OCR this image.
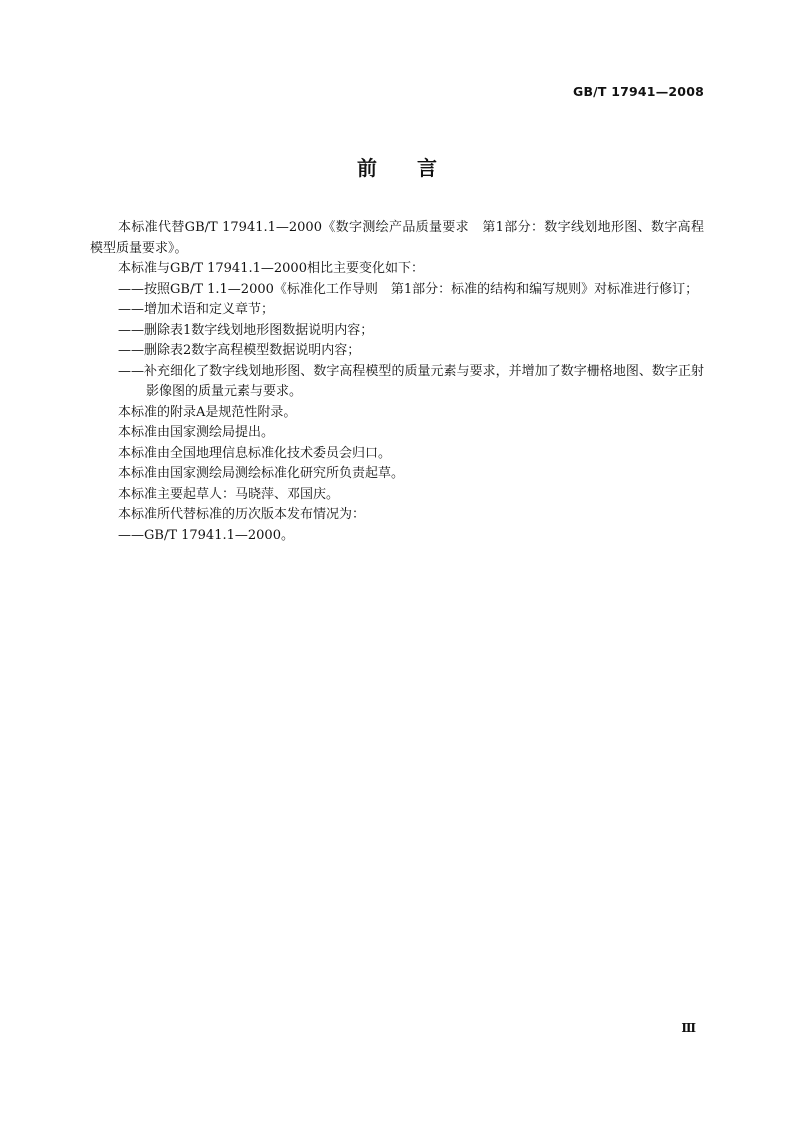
GB/T 17941—2008
前言

本标准代替GB/T 17941.1—2000《数字测绘产品质量要求　第1部分：数字线划地形图、数字高程模型质量要求》。

本标准与GB/T 17941.1—2000相比主要变化如下：

——按照GB/T 1.1—2000《标准化工作导则　第1部分：标准的结构和编写规则》对标准进行修订；

——增加术语和定义章节；

——删除表1数字线划地形图数据说明内容；

——删除表2数字高程模型数据说明内容；

——补充细化了数字线划地形图、数字高程模型的质量元素与要求，并增加了数字栅格地图、数字正射影像图的质量元素与要求。

本标准的附录A是规范性附录。

本标准由国家测绘局提出。

本标准由全国地理信息标准化技术委员会归口。

本标准由国家测绘局测绘标准化研究所负责起草。

本标准主要起草人：马晓萍、邓国庆。

本标准所代替标准的历次版本发布情况为：

——GB/T 17941.1—2000。

Ⅲ
